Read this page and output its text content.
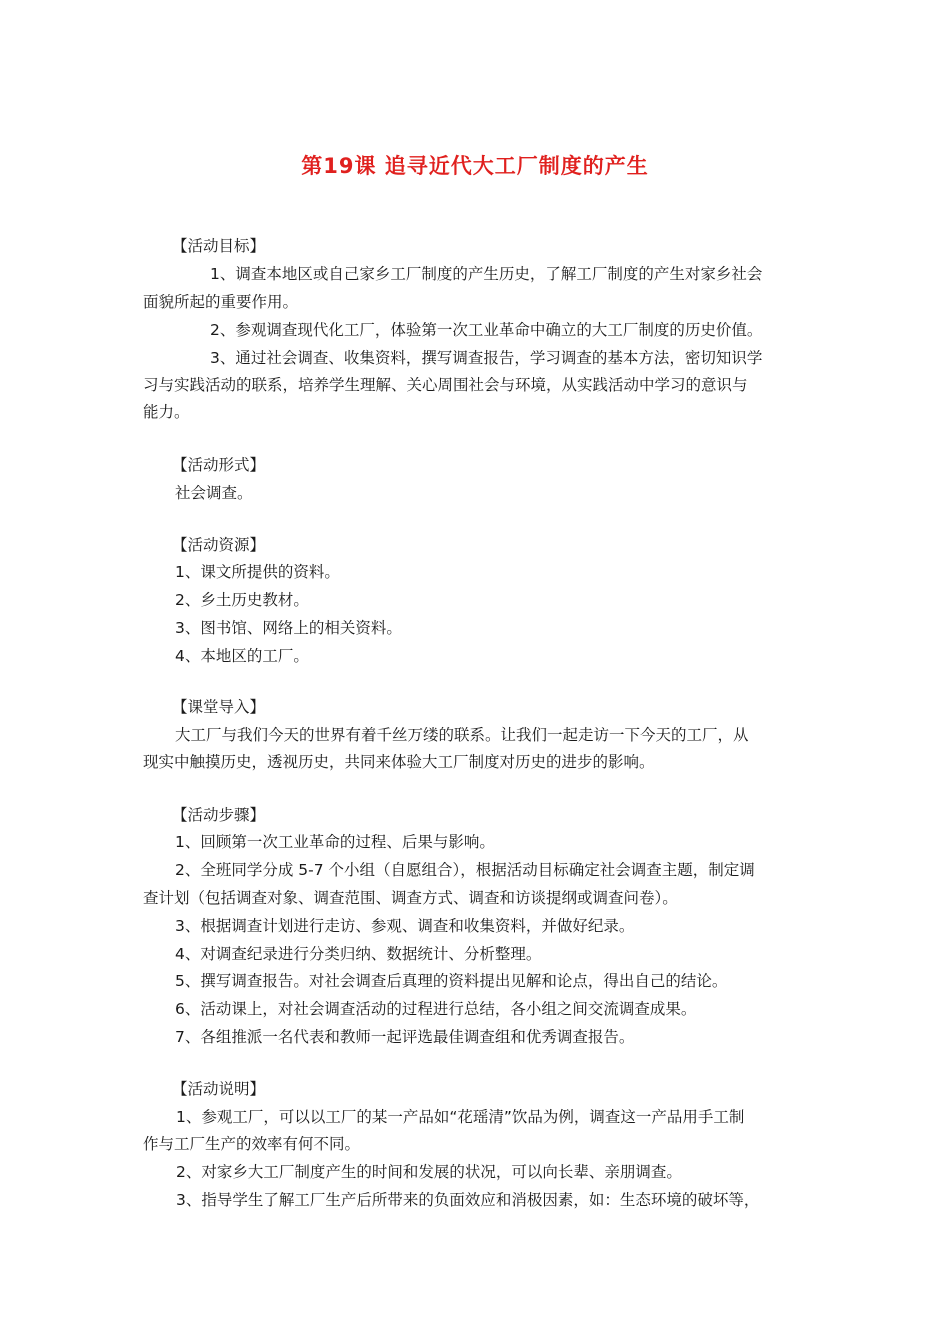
第19课 追寻近代大工厂制度的产生
【活动目标】
1、调查本地区或自己家乡工厂制度的产生历史，了解工厂制度的产生对家乡社会
面貌所起的重要作用。
2、参观调查现代化工厂，体验第一次工业革命中确立的大工厂制度的历史价值。
3、通过社会调查、收集资料，撰写调查报告，学习调查的基本方法，密切知识学
习与实践活动的联系，培养学生理解、关心周围社会与环境，从实践活动中学习的意识与
能力。
【活动形式】
社会调查。
【活动资源】
1、课文所提供的资料。
2、乡土历史教材。
3、图书馆、网络上的相关资料。
4、本地区的工厂。
【课堂导入】
大工厂与我们今天的世界有着千丝万缕的联系。让我们一起走访一下今天的工厂，从
现实中触摸历史，透视历史，共同来体验大工厂制度对历史的进步的影响。
【活动步骤】
1、回顾第一次工业革命的过程、后果与影响。
2、全班同学分成 5-7 个小组（自愿组合），根据活动目标确定社会调查主题，制定调
查计划（包括调查对象、调查范围、调查方式、调查和访谈提纲或调查问卷）。
3、根据调查计划进行走访、参观、调查和收集资料，并做好纪录。
4、对调查纪录进行分类归纳、数据统计、分析整理。
5、撰写调查报告。对社会调查后真理的资料提出见解和论点，得出自己的结论。
6、活动课上，对社会调查活动的过程进行总结，各小组之间交流调查成果。
7、各组推派一名代表和教师一起评选最佳调查组和优秀调查报告。
【活动说明】
1、参观工厂，可以以工厂的某一产品如“花瑶清”饮品为例，调查这一产品用手工制
作与工厂生产的效率有何不同。
2、对家乡大工厂制度产生的时间和发展的状况，可以向长辈、亲朋调查。
3、指导学生了解工厂生产后所带来的负面效应和消极因素，如：生态环境的破坏等，
